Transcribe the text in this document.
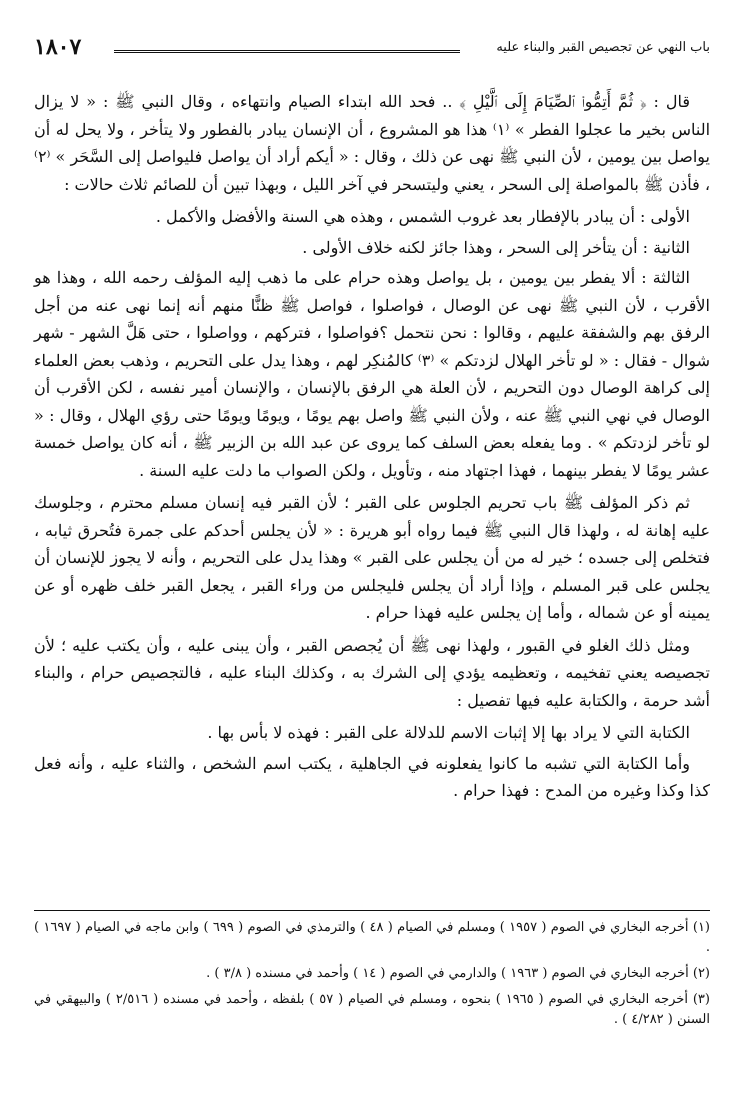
باب النهي عن تجصيص القبر والبناء عليه
١٨٠٧

قال : ﴿ ثُمَّ أَتِمُّوا۟ ٱلصِّيَامَ إِلَى ٱلَّيْلِ ﴾ .. فحد الله ابتداء الصيام وانتهاءه ، وقال النبي ﷺ : « لا يزال الناس بخير ما عجلوا الفطر » ⁽١⁾ هذا هو المشروع ، أن الإنسان يبادر بالفطور ولا يتأخر ، ولا يحل له أن يواصل بين يومين ، لأن النبي ﷺ نهى عن ذلك ، وقال : « أيكم أراد أن يواصل فليواصل إلى السَّحَر » ⁽٢⁾ ، فأذن ﷺ بالمواصلة إلى السحر ، يعني وليتسحر في آخر الليل ، وبهذا تبين أن للصائم ثلاث حالات :

الأولى : أن يبادر بالإفطار بعد غروب الشمس ، وهذه هي السنة والأفضل والأكمل .

الثانية : أن يتأخر إلى السحر ، وهذا جائز لكنه خلاف الأولى .

الثالثة : ألا يفطر بين يومين ، بل يواصل وهذه حرام على ما ذهب إليه المؤلف رحمه الله ، وهذا هو الأقرب ، لأن النبي ﷺ نهى عن الوصال ، فواصلوا ، فواصل ﷺ ظنًّا منهم أنه إنما نهى عنه من أجل الرفق بهم والشفقة عليهم ، وقالوا : نحن نتحمل ؟فواصلوا ، فتركهم ، وواصلوا ، حتى هَلَّ الشهر - شهر شوال - فقال : « لو تأخر الهلال لزدتكم » ⁽٣⁾ كالمُنكِر لهم ، وهذا يدل على التحريم ، وذهب بعض العلماء إلى كراهة الوصال دون التحريم ، لأن العلة هي الرفق بالإنسان ، والإنسان أمير نفسه ، لكن الأقرب أن الوصال في نهي النبي ﷺ عنه ، ولأن النبي ﷺ واصل بهم يومًا ، ويومًا ويومًا حتى رؤي الهلال ، وقال : « لو تأخر لزدتكم » . وما يفعله بعض السلف كما يروى عن عبد الله بن الزبير ﷺ ، أنه كان يواصل خمسة عشر يومًا لا يفطر بينهما ، فهذا اجتهاد منه ، وتأويل ، ولكن الصواب ما دلت عليه السنة .

ثم ذكر المؤلف ﷺ باب تحريم الجلوس على القبر ؛ لأن القبر فيه إنسان مسلم محترم ، وجلوسك عليه إهانة له ، ولهذا قال النبي ﷺ فيما رواه أبو هريرة : « لأن يجلس أحدكم على جمرة فتُحرق ثيابه ، فتخلص إلى جسده ؛ خير له من أن يجلس على القبر » وهذا يدل على التحريم ، وأنه لا يجوز للإنسان أن يجلس على قبر المسلم ، وإذا أراد أن يجلس فليجلس من وراء القبر ، يجعل القبر خلف ظهره أو عن يمينه أو عن شماله ، وأما إن يجلس عليه فهذا حرام .

ومثل ذلك الغلو في القبور ، ولهذا نهى ﷺ أن يُجصص القبر ، وأن يبنى عليه ، وأن يكتب عليه ؛ لأن تجصيصه يعني تفخيمه ، وتعظيمه يؤدي إلى الشرك به ، وكذلك البناء عليه ، فالتجصيص حرام ، والبناء أشد حرمة ، والكتابة عليه فيها تفصيل :

الكتابة التي لا يراد بها إلا إثبات الاسم للدلالة على القبر : فهذه لا بأس بها .

وأما الكتابة التي تشبه ما كانوا يفعلونه في الجاهلية ، يكتب اسم الشخص ، والثناء عليه ، وأنه فعل كذا وكذا وغيره من المدح : فهذا حرام .

(١) أخرجه البخاري في الصوم ( ١٩٥٧ ) ومسلم في الصيام ( ٤٨ ) والترمذي في الصوم ( ٦٩٩ ) وابن ماجه في الصيام ( ١٦٩٧ ) .

(٢) أخرجه البخاري في الصوم ( ١٩٦٣ ) والدارمي في الصوم ( ١٤ ) وأحمد في مسنده ( ٣/٨ ) .

(٣) أخرجه البخاري في الصوم ( ١٩٦٥ ) بنحوه ، ومسلم في الصيام ( ٥٧ ) بلفظه ، وأحمد في مسنده ( ٢/٥١٦ ) والبيهقي في السنن ( ٤/٢٨٢ ) .
